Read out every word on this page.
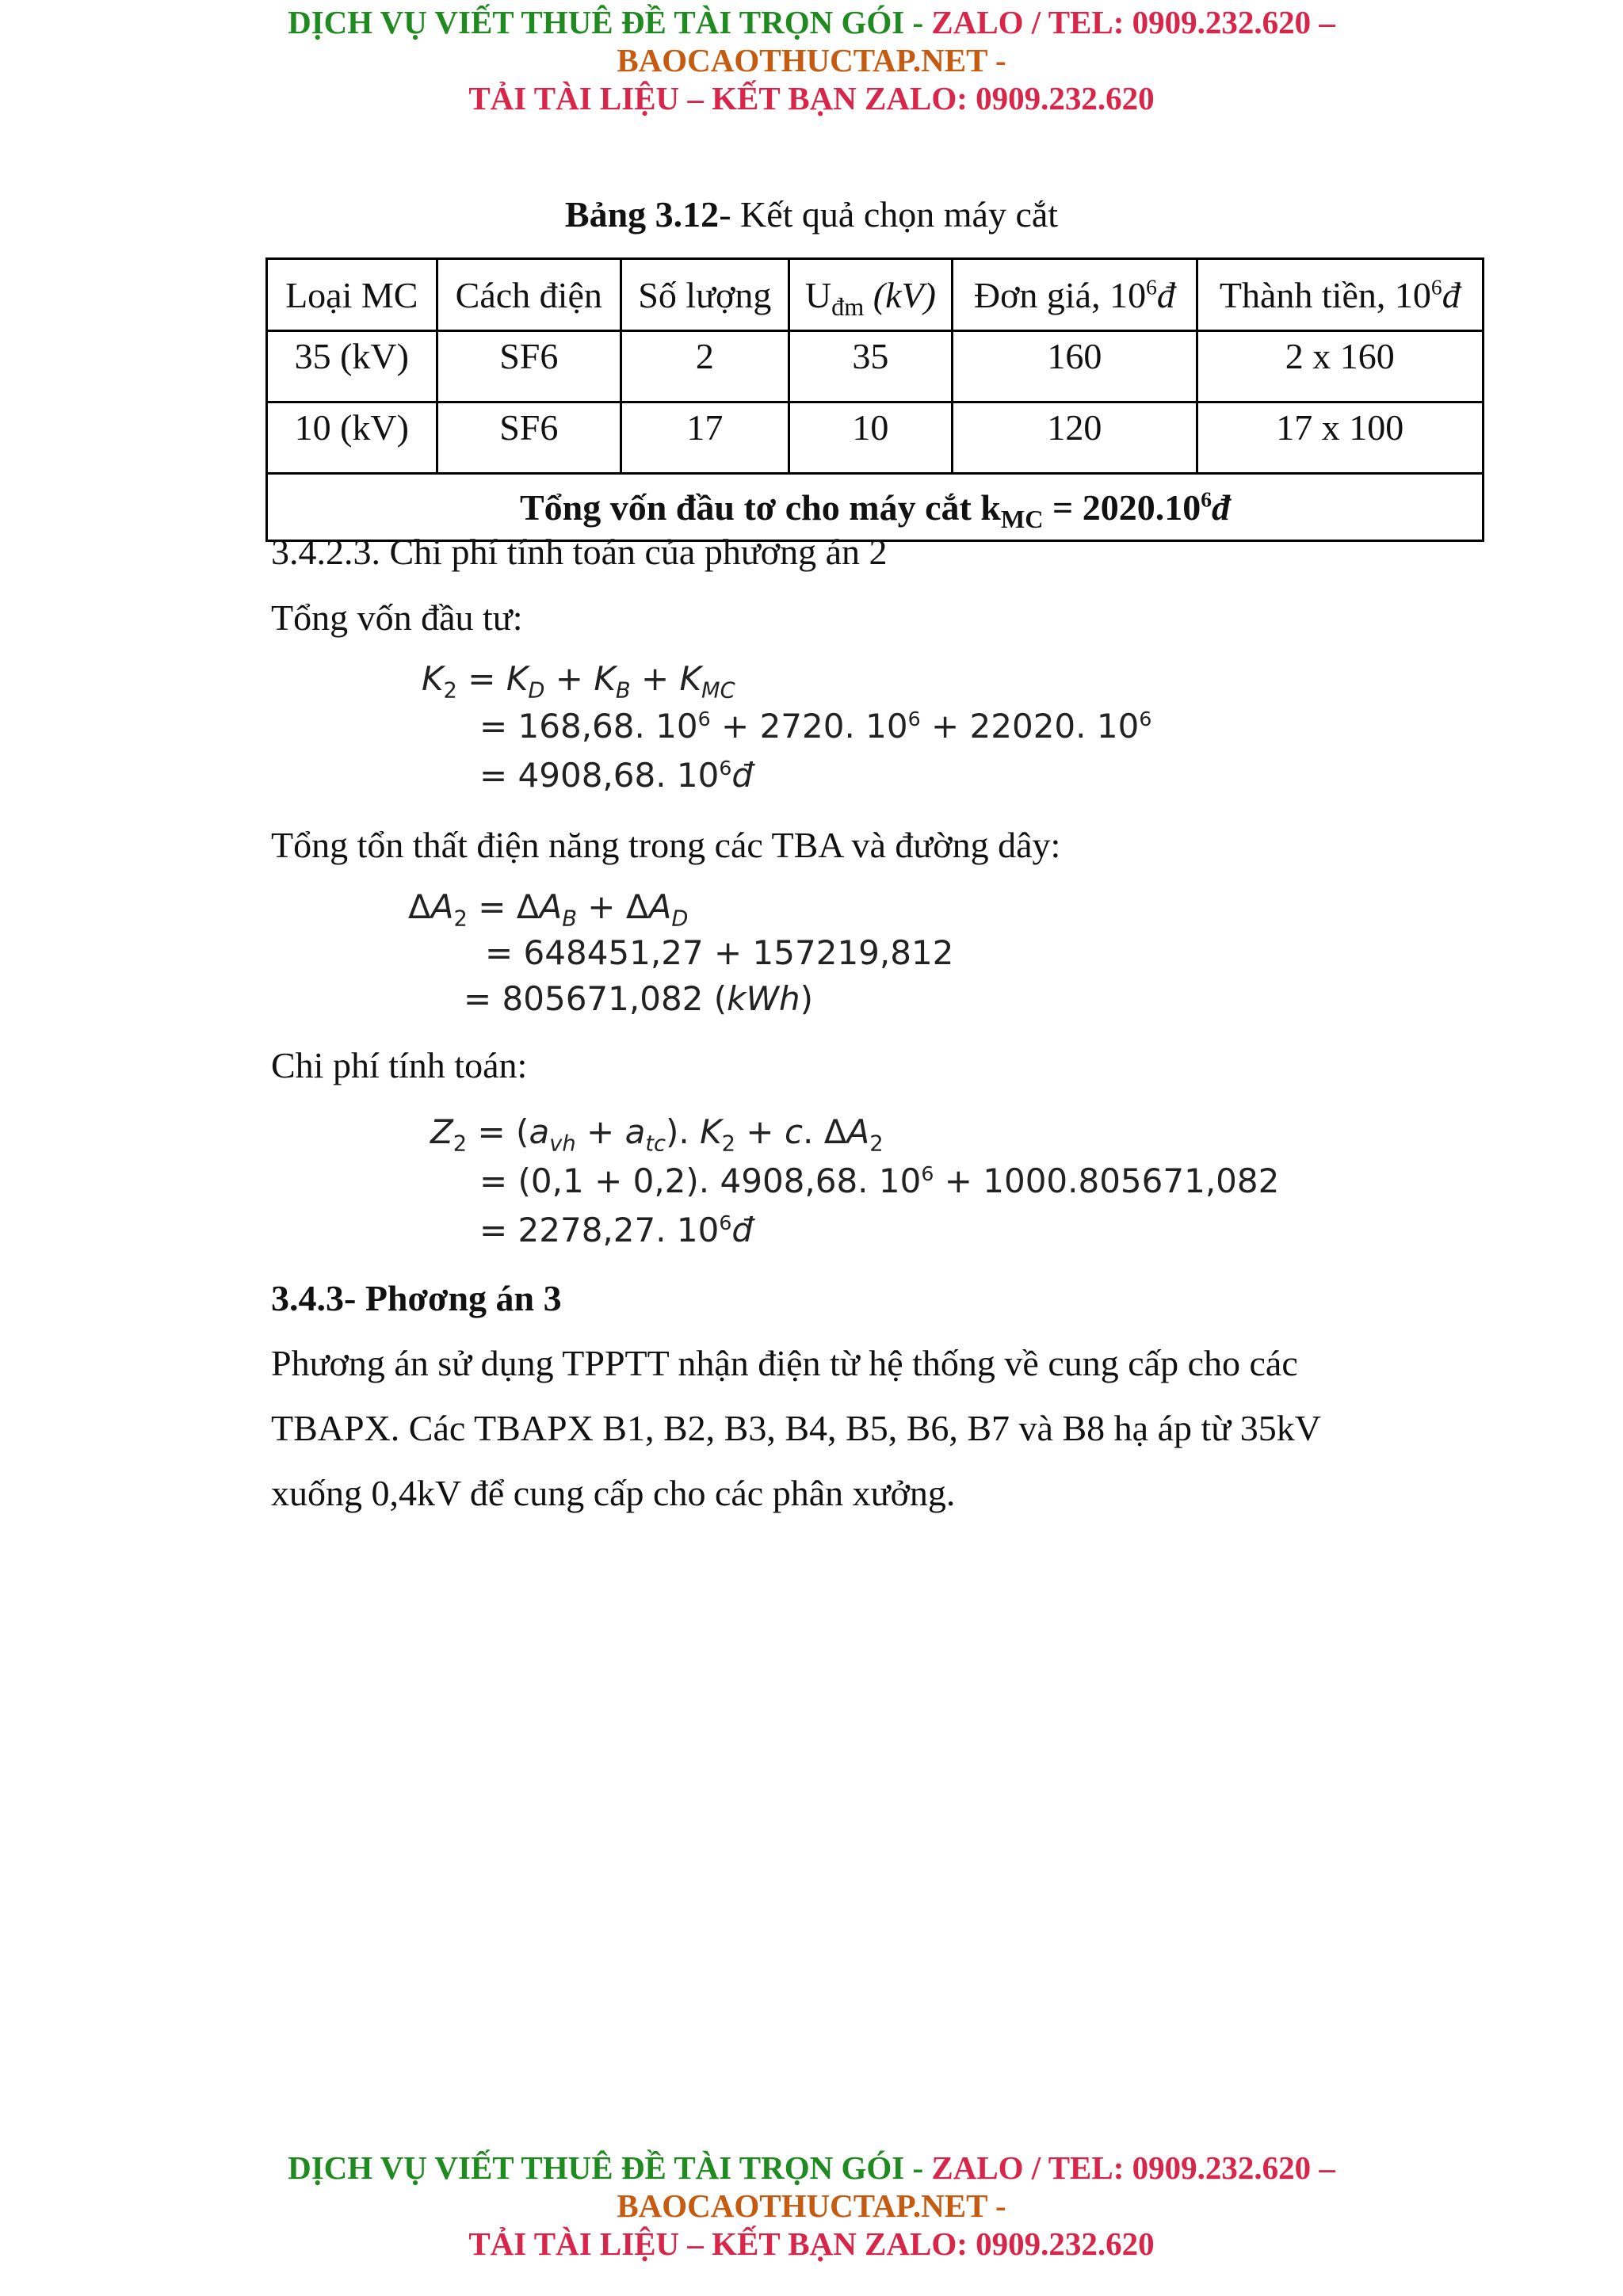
DỊCH VỤ VIẾT THUÊ ĐỀ TÀI TRỌN GÓI - ZALO / TEL: 0909.232.620 –
BAOCAOTHUCTAP.NET -
TẢI TÀI LIỆU – KẾT BẠN ZALO: 0909.232.620
Bảng 3.12- Kết quả chọn máy cắt
Loại MC	Cách điện	Số lượng	$U_{đm}$ (kV)	Đơn giá, $10^6đ$	Thành tiền, $10^6đ$
35 (kV)	SF6	2	35	160	2 x 160
10 (kV)	SF6	17	10	120	17 x 100
Tổng vốn đầu tơ cho máy cắt $k_{MC}$ = $2020.10^6đ$					
3.4.2.3. Chi phí tính toán của phương án 2
Tổng vốn đầu tư:
$K_2 = K_D + K_B + K_{MC}$
= 168,68. $10^6 + 2720$. $10^6 + 22020$. $10^6$
= 4908,68. $10^6đ$
Tổng tổn thất điện năng trong các TBA và đường dây:
$\Delta A_2 = \Delta A_B + \Delta A_D$
= 648451,27 + 157219,812
= 805671,082 (kWh)
Chi phí tính toán:
$Z_2 = (a_{vh} + a_{tc})$. $K_2 + c$. $\Delta A_2$
= (0,1 + 0,2). 4908,68. $10^6 + 1000.805671,082$
= 2278,27. $10^6đ$
3.4.3- Phơơng án 3
Phương án sử dụng TPPTT nhận điện từ hệ thống về cung cấp cho các
TBAPX. Các TBAPX B1, B2, B3, B4, B5, B6, B7 và B8 hạ áp từ 35kV
xuống 0,4kV để cung cấp cho các phân xưởng.
DỊCH VỤ VIẾT THUÊ ĐỀ TÀI TRỌN GÓI - ZALO / TEL: 0909.232.620 –
BAOCAOTHUCTAP.NET -
TẢI TÀI LIỆU – KẾT BẠN ZALO: 0909.232.620
